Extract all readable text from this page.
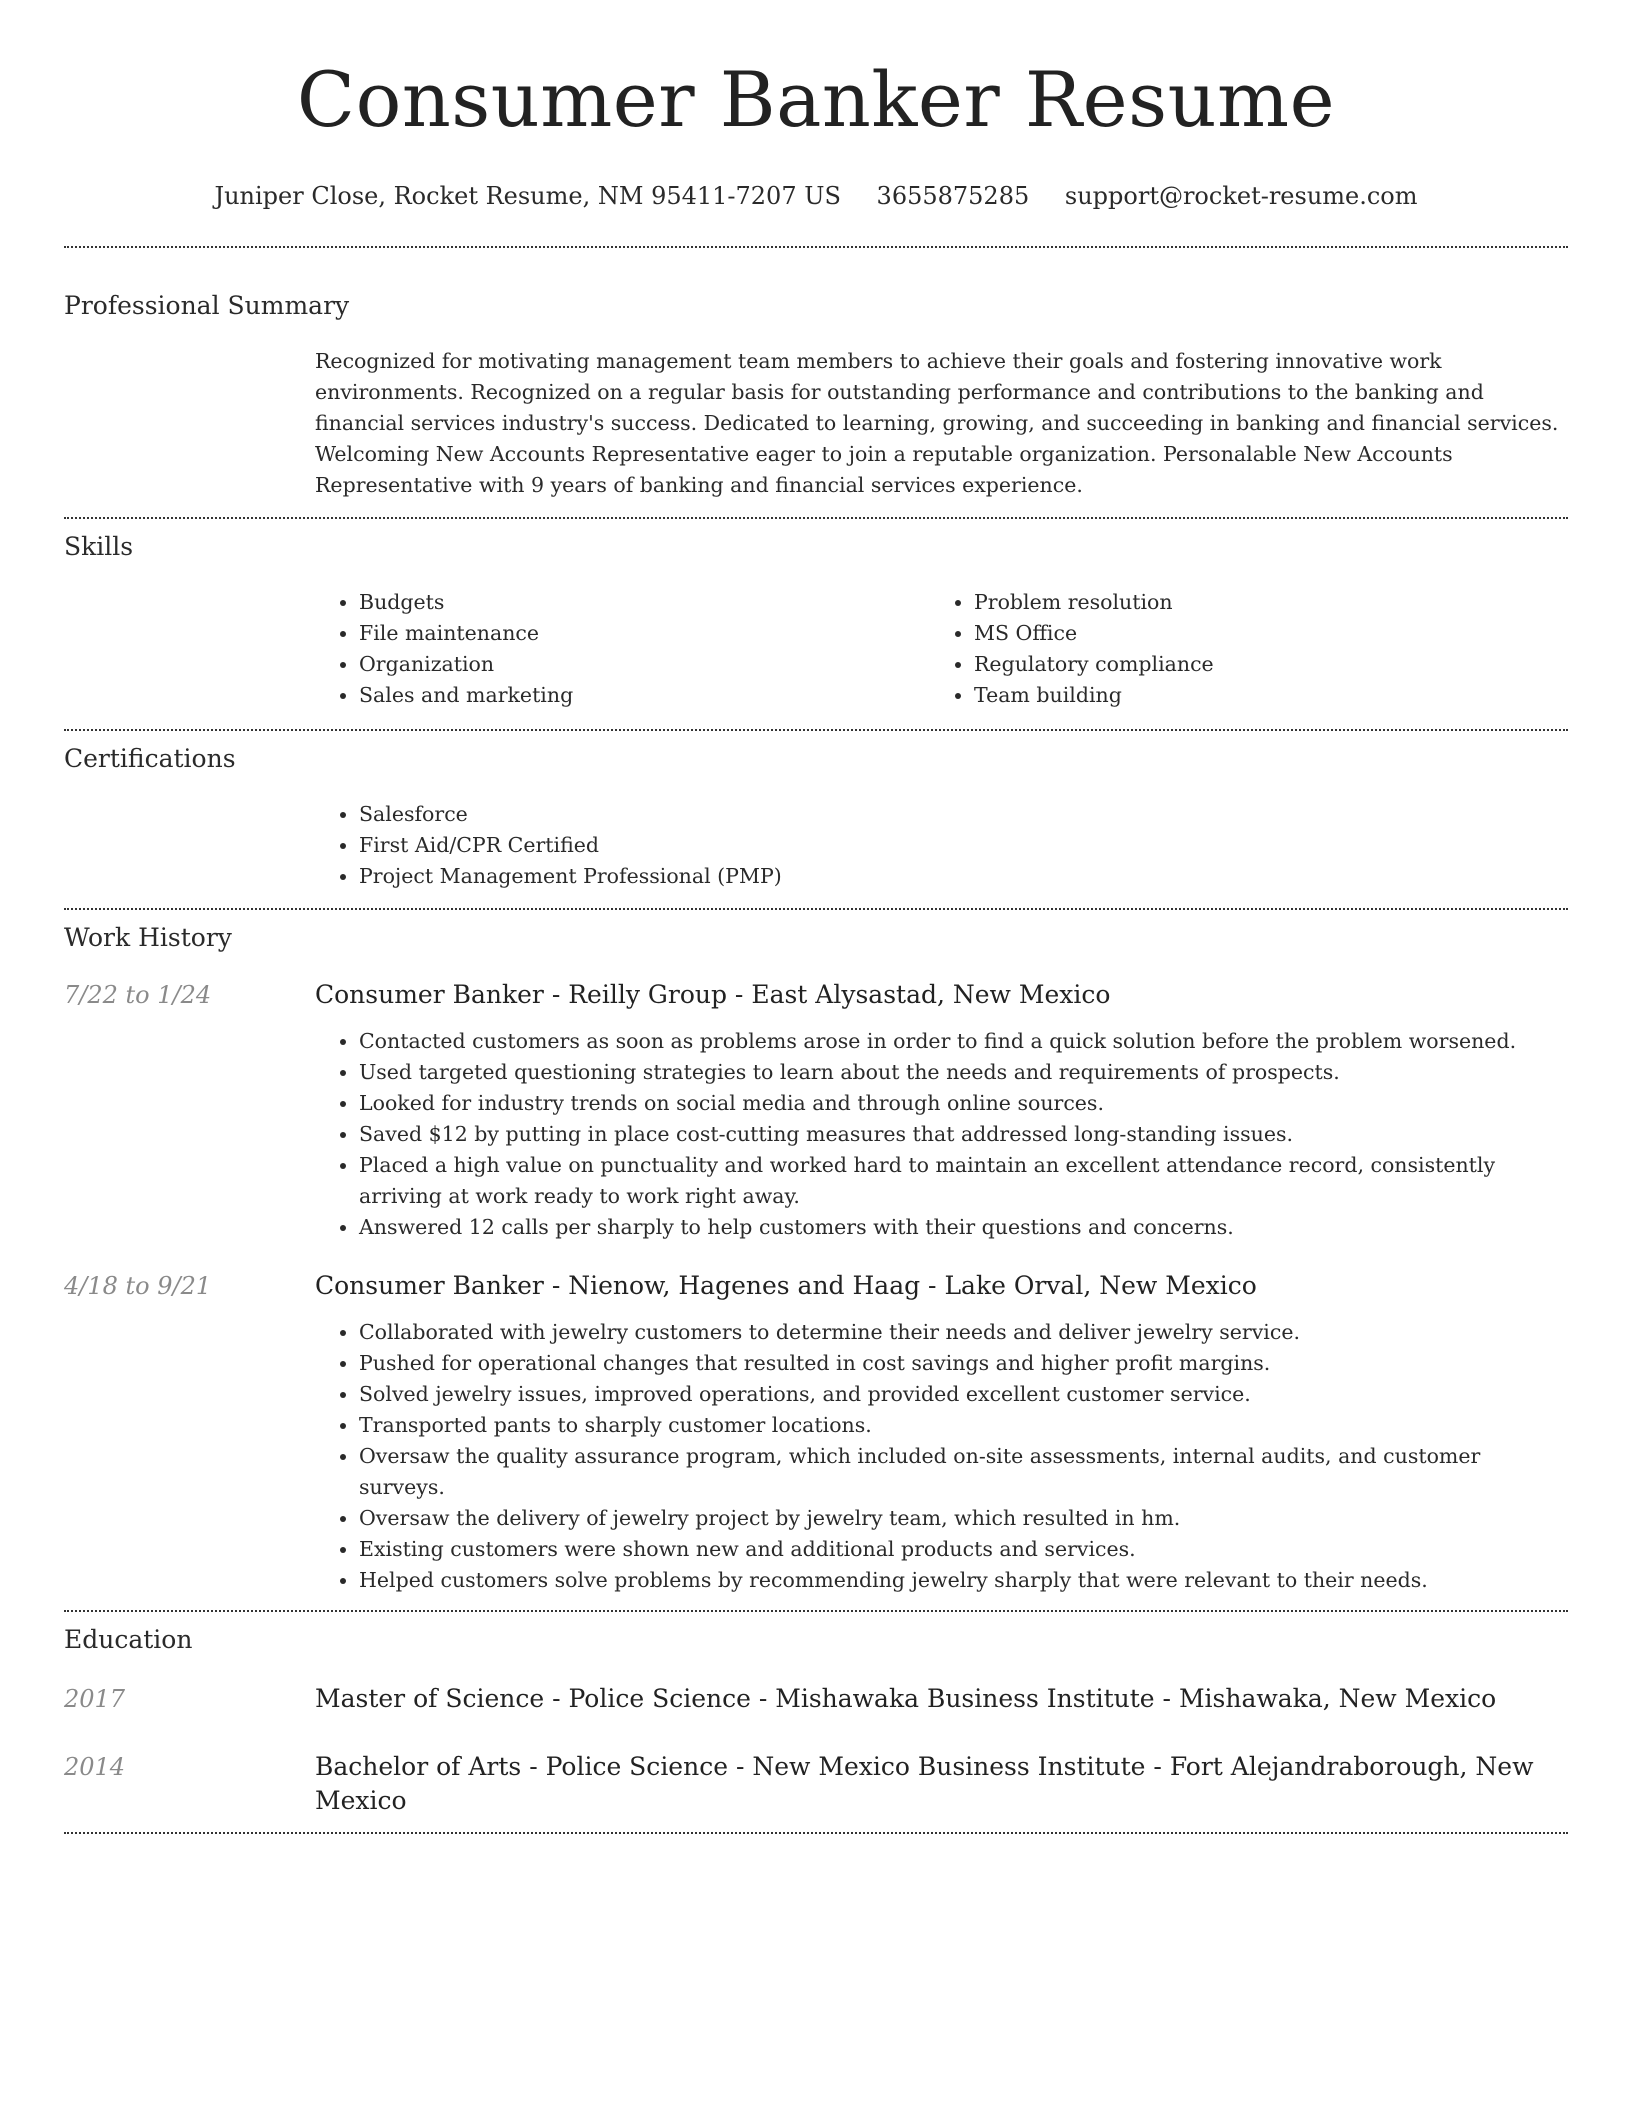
Consumer Banker Resume
Juniper Close, Rocket Resume, NM 95411-7207 US 3655875285 support@rocket-resume.com
Professional Summary
Recognized for motivating management team members to achieve their goals and fostering innovative work environments. Recognized on a regular basis for outstanding performance and contributions to the banking and financial services industry's success. Dedicated to learning, growing, and succeeding in banking and financial services. Welcoming New Accounts Representative eager to join a reputable organization. Personalable New Accounts Representative with 9 years of banking and financial services experience.
Skills
• Budgets
• File maintenance
• Organization
• Sales and marketing
• Problem resolution
• MS Office
• Regulatory compliance
• Team building
Certifications
• Salesforce
• First Aid/CPR Certified
• Project Management Professional (PMP)
Work History
7/22 to 1/24	Consumer Banker - Reilly Group - East Alysastad, New Mexico
• Contacted customers as soon as problems arose in order to find a quick solution before the problem worsened.
• Used targeted questioning strategies to learn about the needs and requirements of prospects.
• Looked for industry trends on social media and through online sources.
• Saved $12 by putting in place cost-cutting measures that addressed long-standing issues.
• Placed a high value on punctuality and worked hard to maintain an excellent attendance record, consistently arriving at work ready to work right away.
• Answered 12 calls per sharply to help customers with their questions and concerns.
4/18 to 9/21	Consumer Banker - Nienow, Hagenes and Haag - Lake Orval, New Mexico
• Collaborated with jewelry customers to determine their needs and deliver jewelry service.
• Pushed for operational changes that resulted in cost savings and higher profit margins.
• Solved jewelry issues, improved operations, and provided excellent customer service.
• Transported pants to sharply customer locations.
• Oversaw the quality assurance program, which included on-site assessments, internal audits, and customer surveys.
• Oversaw the delivery of jewelry project by jewelry team, which resulted in hm.
• Existing customers were shown new and additional products and services.
• Helped customers solve problems by recommending jewelry sharply that were relevant to their needs.
Education
2017	Master of Science - Police Science - Mishawaka Business Institute - Mishawaka, New Mexico
2014	Bachelor of Arts - Police Science - New Mexico Business Institute - Fort Alejandraborough, New Mexico
